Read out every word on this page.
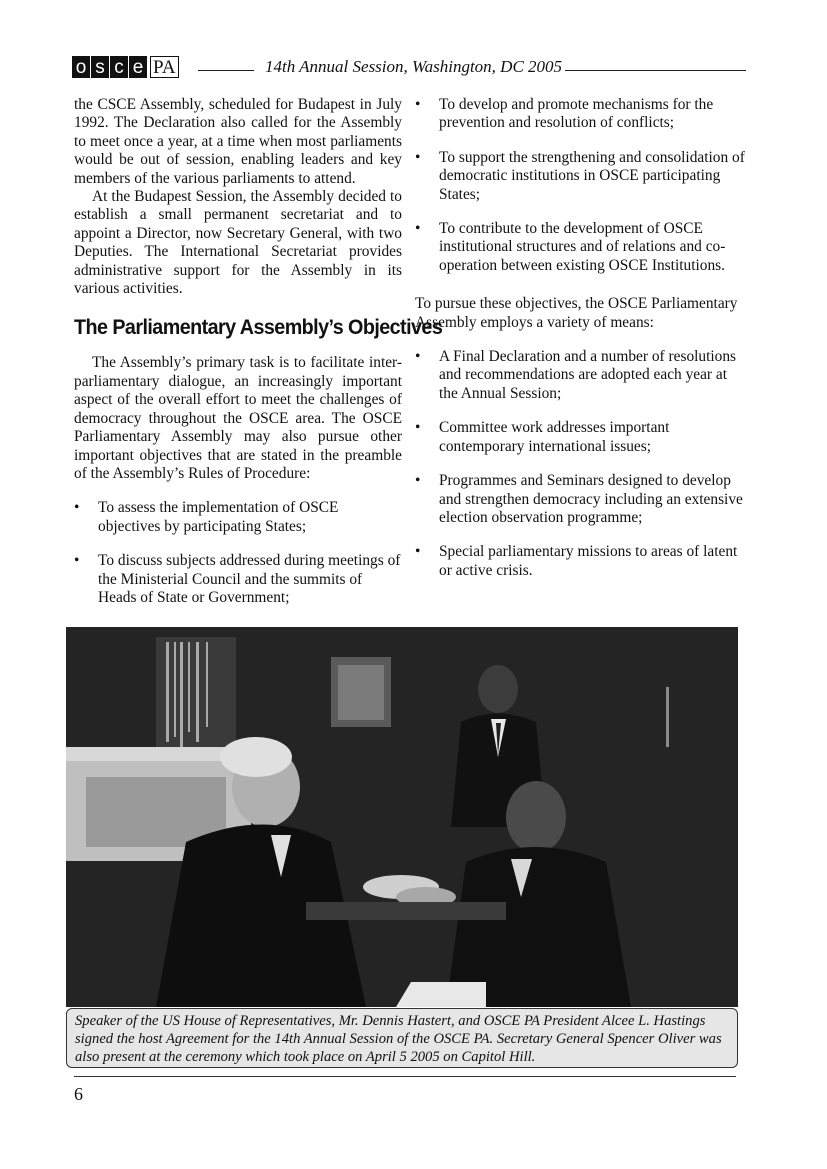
o s c e PA	14th Annual Session, Washington, DC 2005

the CSCE Assembly, scheduled for Budapest in July 1992. The Declaration also called for the Assembly to meet once a year, at a time when most parliaments would be out of session, enabling leaders and key members of the various parliaments to attend.

At the Budapest Session, the Assembly decided to establish a small permanent secretariat and to appoint a Director, now Secretary General, with two Deputies. The International Secretariat provides administrative support for the Assembly in its various activities.

The Parliamentary Assembly’s Objectives

The Assembly’s primary task is to facilitate inter-parliamentary dialogue, an increasingly important aspect of the overall effort to meet the challenges of democracy throughout the OSCE area. The OSCE Parliamentary Assembly may also pursue other important objectives that are stated in the preamble of the Assembly’s Rules of Procedure:

•	To assess the implementation of OSCE objectives by participating States;
•	To discuss subjects addressed during meetings of the Ministerial Council and the summits of Heads of State or Government;
•	To develop and promote mechanisms for the prevention and resolution of conflicts;
•	To support the strengthening and consolidation of democratic institutions in OSCE participating States;
•	To contribute to the development of OSCE institutional structures and of relations and co-operation between existing OSCE Institutions.

To pursue these objectives, the OSCE Parliamentary Assembly employs a variety of means:

•	A Final Declaration and a number of resolutions and recommendations are adopted each year at the Annual Session;
•	Committee work addresses important contemporary international issues;
•	Programmes and Seminars designed to develop and strengthen democracy including an extensive election observation programme;
•	Special parliamentary missions to areas of latent or active crisis.
Speaker of the US House of Representatives, Mr. Dennis Hastert, and OSCE PA President Alcee L. Hastings signed the host Agreement for the 14th Annual Session of the OSCE PA. Secretary General Spencer Oliver was also present at the ceremony which took place on April 5 2005 on Capitol Hill.
6
